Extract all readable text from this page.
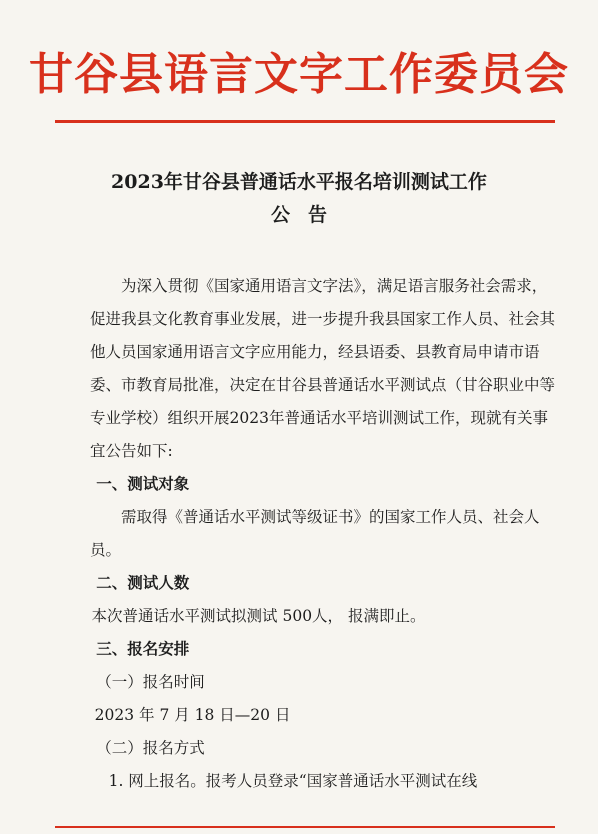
甘谷县语言文字工作委员会
2023年甘谷县普通话水平报名培训测试工作
公告

为深入贯彻《国家通用语言文字法》，满足语言服务社会需求，促进我县文化教育事业发展，进一步提升我县国家工作人员、社会其他人员国家通用语言文字应用能力，经县语委、县教育局申请市语委、市教育局批准，决定在甘谷县普通话水平测试点（甘谷职业中等专业学校）组织开展2023年普通话水平培训测试工作，现就有关事宜公告如下:

一、测试对象

需取得《普通话水平测试等级证书》的国家工作人员、社会人员。

二、测试人数

本次普通话水平测试拟测试 500人， 报满即止。

三、报名安排

（一）报名时间

2023 年 7 月 18 日—20 日

（二）报名方式

1. 网上报名。报考人员登录“国家普通话水平测试在线
